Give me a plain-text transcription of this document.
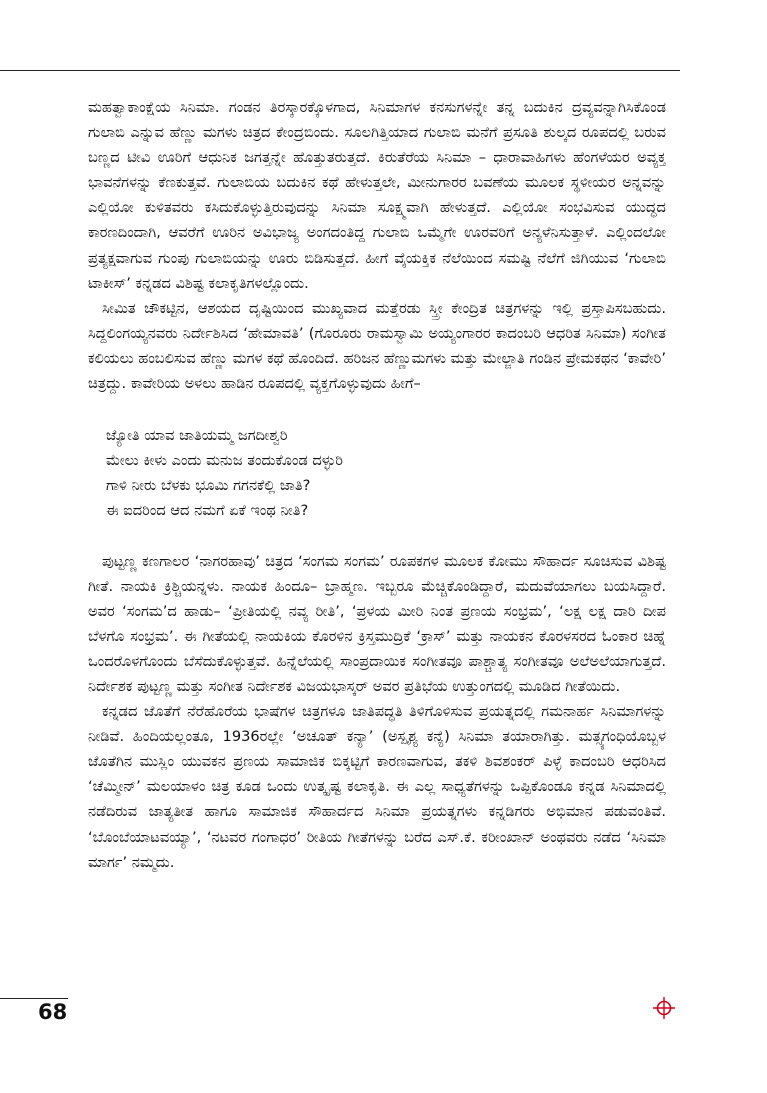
ಮಹತ್ವಾಕಾಂಕ್ಷೆಯ ಸಿನಿಮಾ. ಗಂಡನ ತಿರಸ್ಕಾರಕ್ಕೊಳಗಾದ, ಸಿನಿಮಾಗಳ ಕನಸುಗಳನ್ನೇ ತನ್ನ ಬದುಕಿನ ದ್ರವ್ಯವನ್ನಾಗಿಸಿಕೊಂಡ ಗುಲಾಬಿ ಎನ್ನುವ ಹೆಣ್ಣು ಮಗಳು ಚಿತ್ರದ ಕೇಂದ್ರಬಿಂದು. ಸೂಲಗಿತ್ತಿಯಾದ ಗುಲಾಬಿ ಮನೆಗೆ ಪ್ರಸೂತಿ ಶುಲ್ಕದ ರೂಪದಲ್ಲಿ ಬರುವ ಬಣ್ಣದ ಟೀವಿ ಊರಿಗೆ ಆಧುನಿಕ ಜಗತ್ತನ್ನೇ ಹೊತ್ತುತರುತ್ತದೆ. ಕಿರುತೆರೆಯ ಸಿನಿಮಾ – ಧಾರಾವಾಹಿಗಳು ಹೆಂಗಳೆಯರ ಅವ್ಯಕ್ತ ಭಾವನೆಗಳನ್ನು ಕೆಣಕುತ್ತವೆ. ಗುಲಾಬಿಯ ಬದುಕಿನ ಕಥೆ ಹೇಳುತ್ತಲೇ, ಮೀನುಗಾರರ ಬವಣೆಯ ಮೂಲಕ ಸ್ಥಳೀಯರ ಅನ್ನವನ್ನು ಎಲ್ಲಿಯೋ ಕುಳಿತವರು ಕಸಿದುಕೊಳ್ಳುತ್ತಿರುವುದನ್ನು ಸಿನಿಮಾ ಸೂಕ್ಷ್ಮವಾಗಿ ಹೇಳುತ್ತದೆ. ಎಲ್ಲಿಯೋ ಸಂಭವಿಸುವ ಯುದ್ಧದ ಕಾರಣದಿಂದಾಗಿ, ಆವರೆಗೆ ಊರಿನ ಅವಿಭಾಜ್ಯ ಅಂಗದಂತಿದ್ದ ಗುಲಾಬಿ ಒಮ್ಮೆಗೇ ಊರವರಿಗೆ ಅನ್ಯಳೆನಿಸುತ್ತಾಳೆ. ಎಲ್ಲಿಂದಲೋ ಪ್ರತ್ಯಕ್ಷವಾಗುವ ಗುಂಪು ಗುಲಾಬಿಯನ್ನು ಊರು ಬಿಡಿಸುತ್ತದೆ. ಹೀಗೆ ವೈಯಕ್ತಿಕ ನೆಲೆಯಿಂದ ಸಮಷ್ಟಿ ನೆಲೆಗೆ ಜಿಗಿಯುವ ‘ಗುಲಾಬಿ ಟಾಕೀಸ್’ ಕನ್ನಡದ ವಿಶಿಷ್ಟ ಕಲಾಕೃತಿಗಳಲ್ಲೊಂದು.

ಸೀಮಿತ ಚೌಕಟ್ಟಿನ, ಆಶಯದ ದೃಷ್ಟಿಯಿಂದ ಮುಖ್ಯವಾದ ಮತ್ತೆರಡು ಸ್ತ್ರೀ ಕೇಂದ್ರಿತ ಚಿತ್ರಗಳನ್ನು ಇಲ್ಲಿ ಪ್ರಸ್ತಾಪಿಸಬಹುದು. ಸಿದ್ದಲಿಂಗಯ್ಯನವರು ನಿರ್ದೇಶಿಸಿದ ‘ಹೇಮಾವತಿ’ (ಗೊರೂರು ರಾಮಸ್ವಾಮಿ ಅಯ್ಯಂಗಾರರ ಕಾದಂಬರಿ ಆಧರಿತ ಸಿನಿಮಾ) ಸಂಗೀತ ಕಲಿಯಲು ಹಂಬಲಿಸುವ ಹೆಣ್ಣು ಮಗಳ ಕಥೆ ಹೊಂದಿದೆ. ಹರಿಜನ ಹೆಣ್ಣುಮಗಳು ಮತ್ತು ಮೇಲ್ಜಾತಿ ಗಂಡಿನ ಪ್ರೇಮಕಥನ ‘ಕಾವೇರಿ’ ಚಿತ್ರದ್ದು. ಕಾವೇರಿಯ ಅಳಲು ಹಾಡಿನ ರೂಪದಲ್ಲಿ ವ್ಯಕ್ತಗೊಳ್ಳುವುದು ಹೀಗೆ–

ಜ್ಯೋತಿ ಯಾವ ಜಾತಿಯಮ್ಮ ಜಗದೀಶ್ವರಿ
ಮೇಲು ಕೀಳು ಎಂದು ಮನುಜ ತಂದುಕೊಂಡ ದಳ್ಳುರಿ
ಗಾಳಿ ನೀರು ಬೆಳಕು ಭೂಮಿ ಗಗನಕೆಲ್ಲಿ ಜಾತಿ?
ಈ ಐದರಿಂದ ಆದ ನಮಗೆ ಏಕೆ ಇಂಥ ನೀತಿ?

ಪುಟ್ಟಣ್ಣ ಕಣಗಾಲರ ‘ನಾಗರಹಾವು’ ಚಿತ್ರದ ‘ಸಂಗಮ ಸಂಗಮ’ ರೂಪಕಗಳ ಮೂಲಕ ಕೋಮು ಸೌಹಾರ್ದ ಸೂಚಿಸುವ ವಿಶಿಷ್ಟ ಗೀತೆ. ನಾಯಕಿ ಕ್ರಿಶ್ಚಿಯನ್ನಳು. ನಾಯಕ ಹಿಂದೂ– ಬ್ರಾಹ್ಮಣ. ಇಬ್ಬರೂ ಮೆಚ್ಚಿಕೊಂಡಿದ್ದಾರೆ, ಮದುವೆಯಾಗಲು ಬಯಸಿದ್ದಾರೆ. ಅವರ ‘ಸಂಗಮ’ದ ಹಾಡು– ‘ಪ್ರೀತಿಯಲ್ಲಿ ನವ್ಯ ರೀತಿ’, ‘ಪ್ರಳಯ ಮೀರಿ ನಿಂತ ಪ್ರಣಯ ಸಂಭ್ರಮ’, ‘ಲಕ್ಷ ಲಕ್ಷ ದಾರಿ ದೀಪ ಬೆಳಗೊ ಸಂಭ್ರಮ’. ಈ ಗೀತೆಯಲ್ಲಿ ನಾಯಕಿಯ ಕೊರಳಿನ ಕ್ರಿಸ್ತಮುದ್ರಿಕೆ ‘ಕ್ರಾಸ್’ ಮತ್ತು ನಾಯಕನ ಕೊರಳಸರದ ಓಂಕಾರ ಚಿಹ್ನೆ ಒಂದರೊಳಗೊಂದು ಬೆಸೆದುಕೊಳ್ಳುತ್ತವೆ. ಹಿನ್ನೆಲೆಯಲ್ಲಿ ಸಾಂಪ್ರದಾಯಿಕ ಸಂಗೀತವೂ ಪಾಶ್ಚಾತ್ಯ ಸಂಗೀತವೂ ಅಲೆಅಲೆಯಾಗುತ್ತದೆ. ನಿರ್ದೇಶಕ ಪುಟ್ಟಣ್ಣ ಮತ್ತು ಸಂಗೀತ ನಿರ್ದೇಶಕ ವಿಜಯಭಾಸ್ಕರ್ ಅವರ ಪ್ರತಿಭೆಯ ಉತ್ತುಂಗದಲ್ಲಿ ಮೂಡಿದ ಗೀತೆಯಿದು.

ಕನ್ನಡದ ಜೊತೆಗೆ ನೆರೆಹೊರೆಯ ಭಾಷೆಗಳ ಚಿತ್ರಗಳೂ ಜಾತಿಪದ್ಧತಿ ತಿಳಿಗೊಳಿಸುವ ಪ್ರಯತ್ನದಲ್ಲಿ ಗಮನಾರ್ಹ ಸಿನಿಮಾಗಳನ್ನು ನೀಡಿವೆ. ಹಿಂದಿಯಲ್ಲಂತೂ, 1936ರಲ್ಲೇ ‘ಅಚೂತ್ ಕನ್ಯಾ’ (ಅಸ್ಪೃಶ್ಯ ಕನ್ಯೆ) ಸಿನಿಮಾ ತಯಾರಾಗಿತ್ತು. ಮತ್ಸ್ಯಗಂಧಿಯೊಬ್ಬಳ ಜೊತೆಗಿನ ಮುಸ್ಲಿಂ ಯುವಕನ ಪ್ರಣಯ ಸಾಮಾಜಿಕ ಬಿಕ್ಕಟ್ಟಿಗೆ ಕಾರಣವಾಗುವ, ತಕಳಿ ಶಿವಶಂಕರ್ ಪಿಳ್ಳೆ ಕಾದಂಬರಿ ಆಧರಿಸಿದ ‘ಚೆಮ್ಮೀನ್’ ಮಲಯಾಳಂ ಚಿತ್ರ ಕೂಡ ಒಂದು ಉತ್ಕೃಷ್ಟ ಕಲಾಕೃತಿ. ಈ ಎಲ್ಲ ಸಾಧ್ಯತೆಗಳನ್ನು ಒಪ್ಪಿಕೊಂಡೂ ಕನ್ನಡ ಸಿನಿಮಾದಲ್ಲಿ ನಡೆದಿರುವ ಜಾತ್ಯತೀತ ಹಾಗೂ ಸಾಮಾಜಿಕ ಸೌಹಾರ್ದದ ಸಿನಿಮಾ ಪ್ರಯತ್ನಗಳು ಕನ್ನಡಿಗರು ಅಭಿಮಾನ ಪಡುವಂತಿವೆ. ‘ಬೊಂಬೆಯಾಟವಯ್ಯಾ’, ‘ನಟವರ ಗಂಗಾಧರ’ ರೀತಿಯ ಗೀತೆಗಳನ್ನು ಬರೆದ ಎಸ್.ಕೆ. ಕರೀಂಖಾನ್ ಅಂಥವರು ನಡೆದ ‘ಸಿನಿಮಾ ಮಾರ್ಗ’ ನಮ್ಮದು.

68
